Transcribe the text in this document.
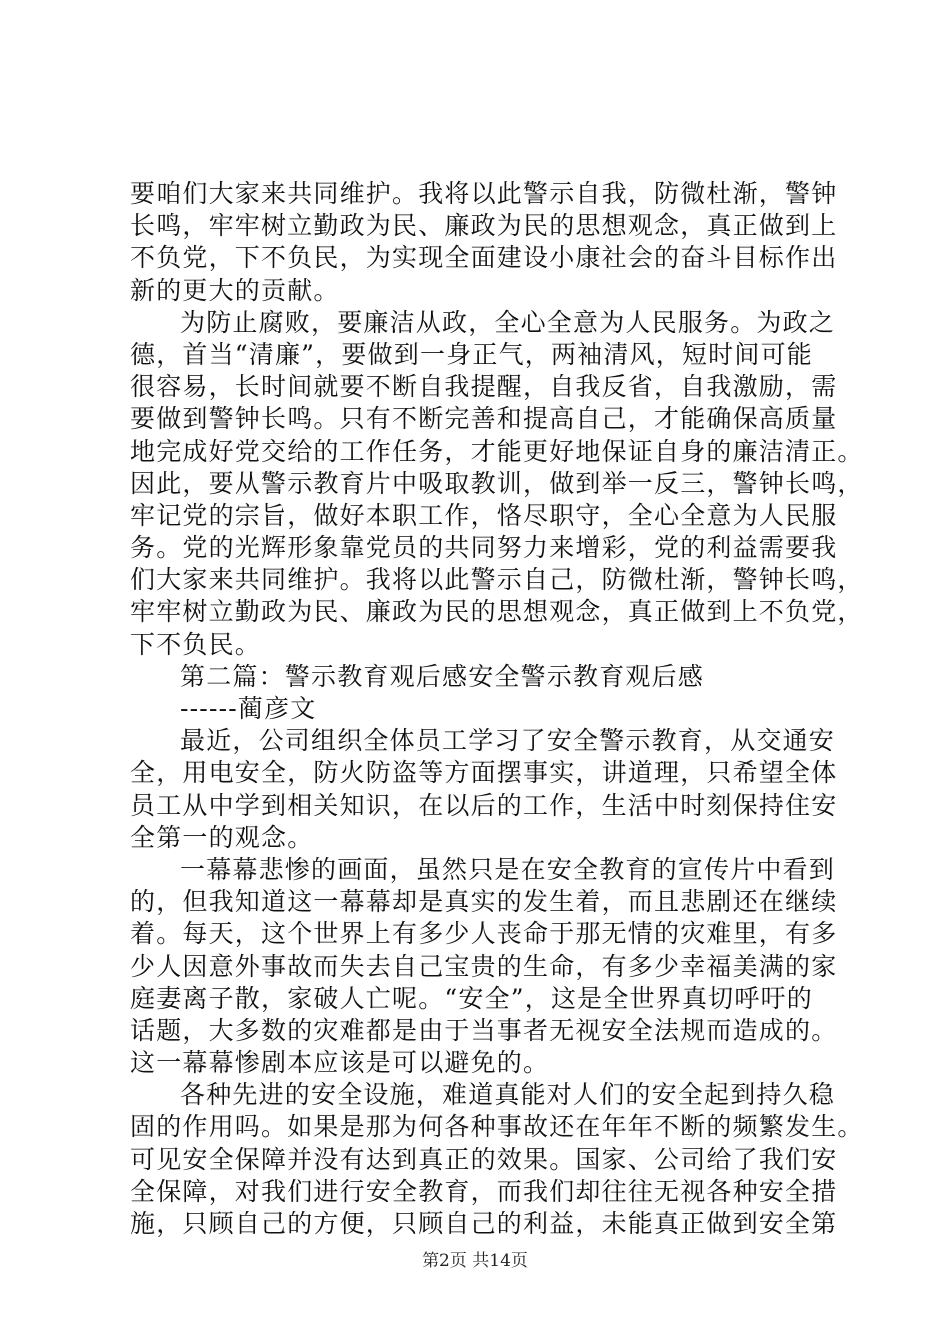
要咱们大家来共同维护。我将以此警示自我，防微杜渐，警钟
长鸣，牢牢树立勤政为民、廉政为民的思想观念，真正做到上
不负党，下不负民，为实现全面建设小康社会的奋斗目标作出
新的更大的贡献。
为防止腐败，要廉洁从政，全心全意为人民服务。为政之
德，首当“清廉”，要做到一身正气，两袖清风，短时间可能
很容易，长时间就要不断自我提醒，自我反省，自我激励，需
要做到警钟长鸣。只有不断完善和提高自己，才能确保高质量
地完成好党交给的工作任务，才能更好地保证自身的廉洁清正。
因此，要从警示教育片中吸取教训，做到举一反三，警钟长鸣，
牢记党的宗旨，做好本职工作，恪尽职守，全心全意为人民服
务。党的光辉形象靠党员的共同努力来增彩，党的利益需要我
们大家来共同维护。我将以此警示自己，防微杜渐，警钟长鸣，
牢牢树立勤政为民、廉政为民的思想观念，真正做到上不负党，
下不负民。
第二篇：警示教育观后感安全警示教育观后感
------蔺彦文
最近，公司组织全体员工学习了安全警示教育，从交通安
全，用电安全，防火防盗等方面摆事实，讲道理，只希望全体
员工从中学到相关知识，在以后的工作，生活中时刻保持住安
全第一的观念。
一幕幕悲惨的画面，虽然只是在安全教育的宣传片中看到
的，但我知道这一幕幕却是真实的发生着，而且悲剧还在继续
着。每天，这个世界上有多少人丧命于那无情的灾难里，有多
少人因意外事故而失去自己宝贵的生命，有多少幸福美满的家
庭妻离子散，家破人亡呢。“安全”，这是全世界真切呼吁的
话题，大多数的灾难都是由于当事者无视安全法规而造成的。
这一幕幕惨剧本应该是可以避免的。
各种先进的安全设施，难道真能对人们的安全起到持久稳
固的作用吗。如果是那为何各种事故还在年年不断的频繁发生。
可见安全保障并没有达到真正的效果。国家、公司给了我们安
全保障，对我们进行安全教育，而我们却往往无视各种安全措
施，只顾自己的方便，只顾自己的利益，未能真正做到安全第
第2页 共14页
